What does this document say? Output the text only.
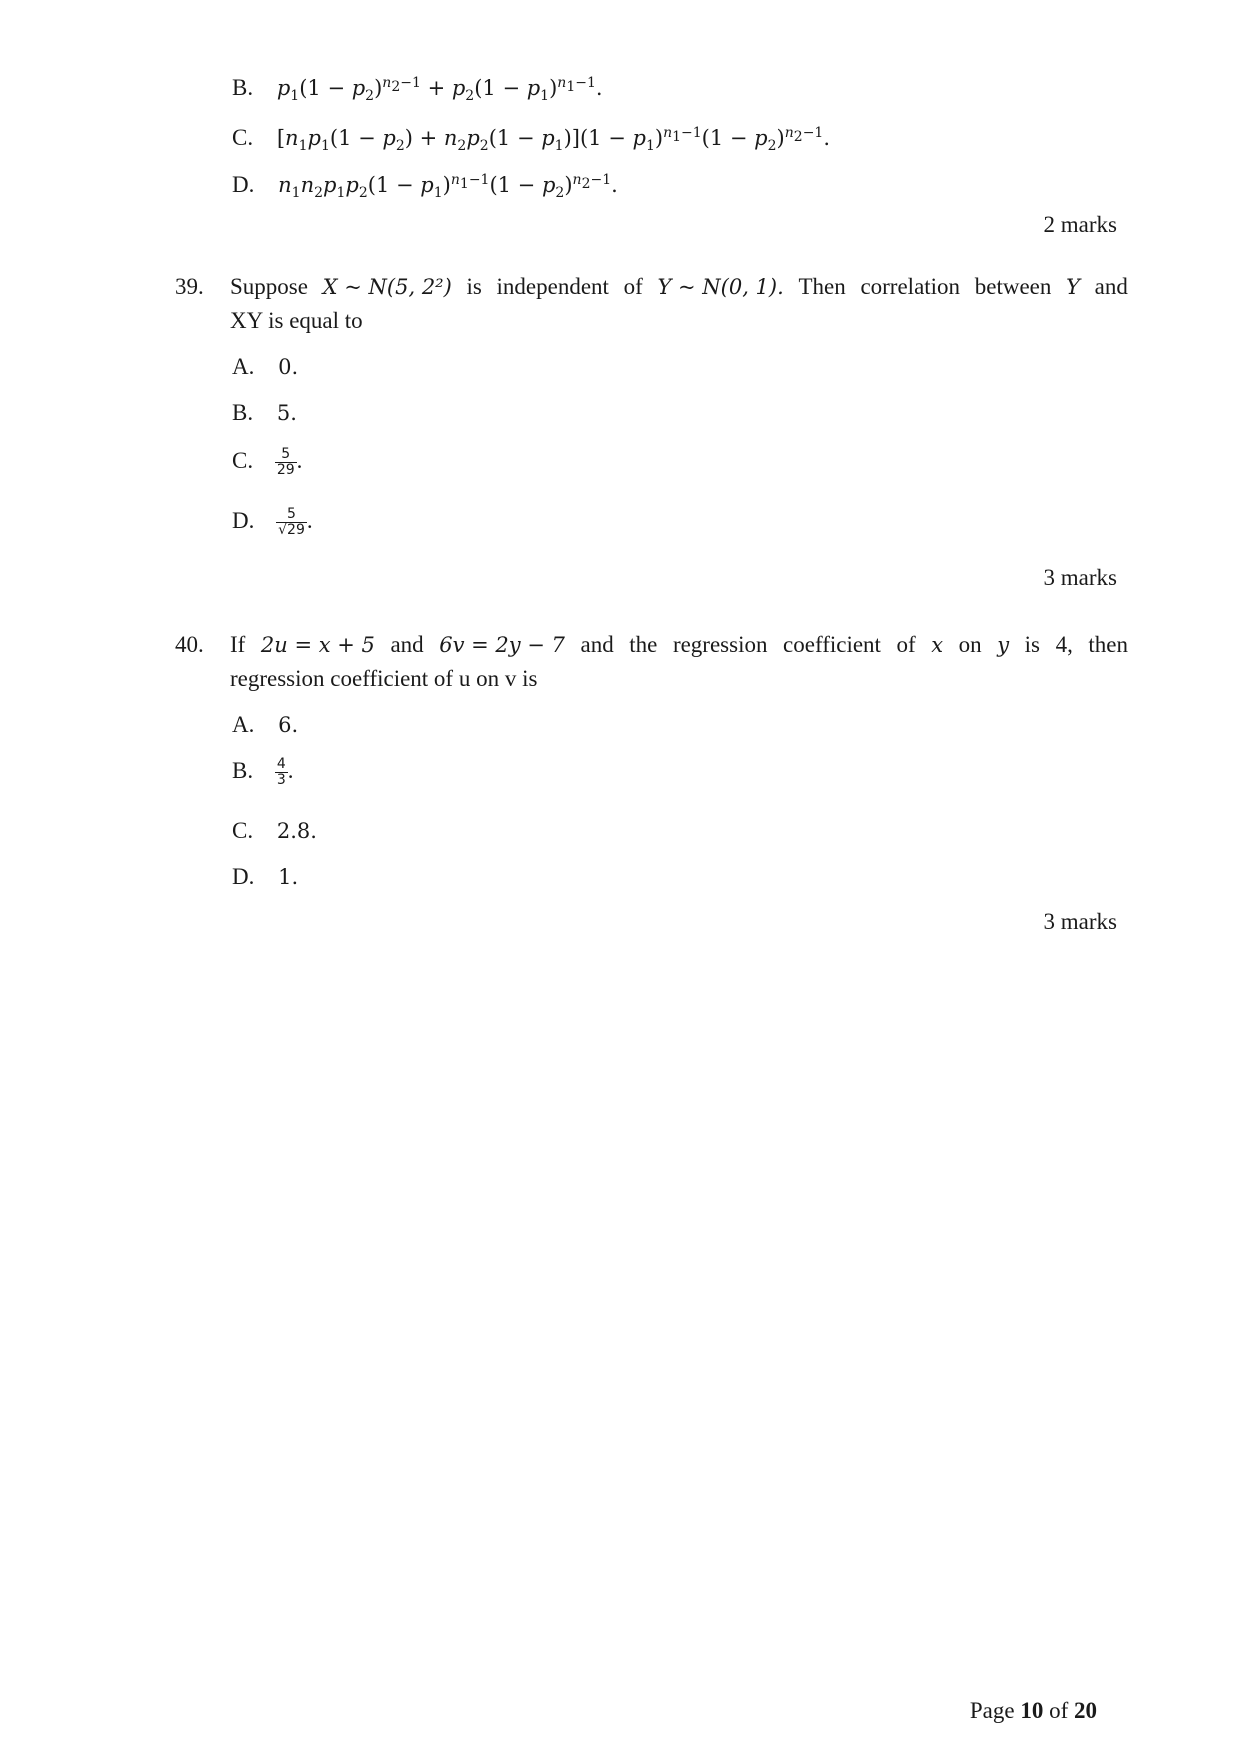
B. $p_1(1 - p_2)^{n_2-1} + p_2(1 - p_1)^{n_1-1}$.
C. $[n_1p_1(1 - p_2) + n_2p_2(1 - p_1)](1 - p_1)^{n_1-1}(1 - p_2)^{n_2-1}$.
D. $n_1n_2p_1p_2(1 - p_1)^{n_1-1}(1 - p_2)^{n_2-1}$.
2 marks
39. Suppose X ~ N(5, 2²) is independent of Y ~ N(0, 1). Then correlation between Y and
XY is equal to
A. 0.
B. 5.
C. $\frac{5}{29}$ .
D. $\frac{5}{√29}$ .
3 marks
40. If 2u = x + 5 and 6v = 2y − 7 and the regression coefficient of x on y is 4, then
regression coefficient of u on v is
A. 6.
B. $\frac{4}{3}$ .
C. 2.8.
D. 1.
3 marks
Page 10 of 20
